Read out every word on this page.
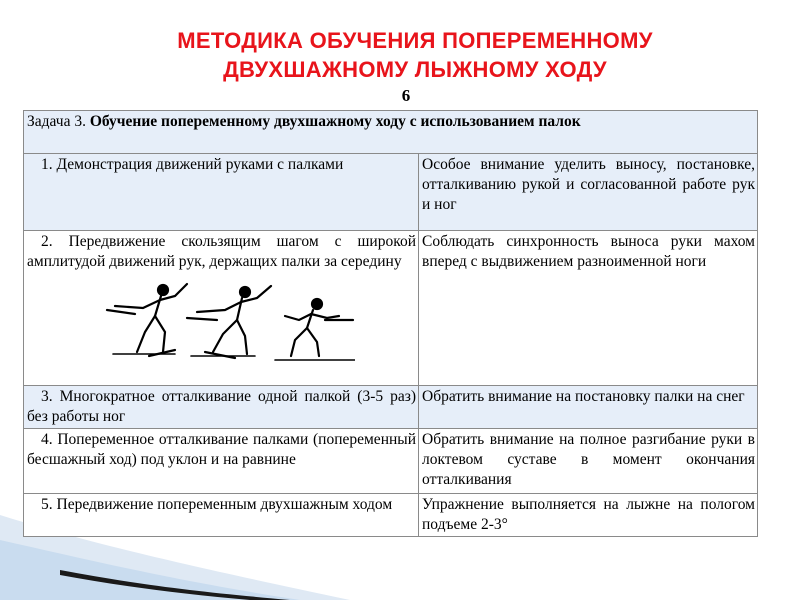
МЕТОДИКА ОБУЧЕНИЯ ПОПЕРЕМЕННОМУ
ДВУХШАЖНОМУ ЛЫЖНОМУ ХОДУ
6
Задача 3. Обучение попеременному двухшажному ходу с использованием палок	
1. Демонстрация движений руками с палками	Особое внимание уделить выносу, постановке, отталкиванию рукой и согласованной работе рук и ног

2. Передвижение скользящим шагом с широкой амплитудой движений рук, держащих палки за середину	Соблюдать синхронность выноса руки махом вперед с выдвижением разноименной ноги
3. Многократное отталкивание одной палкой (3-5 раз) без работы ног	Обратить внимание на постановку палки на снег
4. Попеременное отталкивание палками (попеременный бесшажный ход) под уклон и на равнине	Обратить внимание на полное разгибание руки в локтевом суставе в момент окончания отталкивания
5. Передвижение попеременным двухшажным ходом	Упражнение выполняется на лыжне на пологом подъеме 2-3°
